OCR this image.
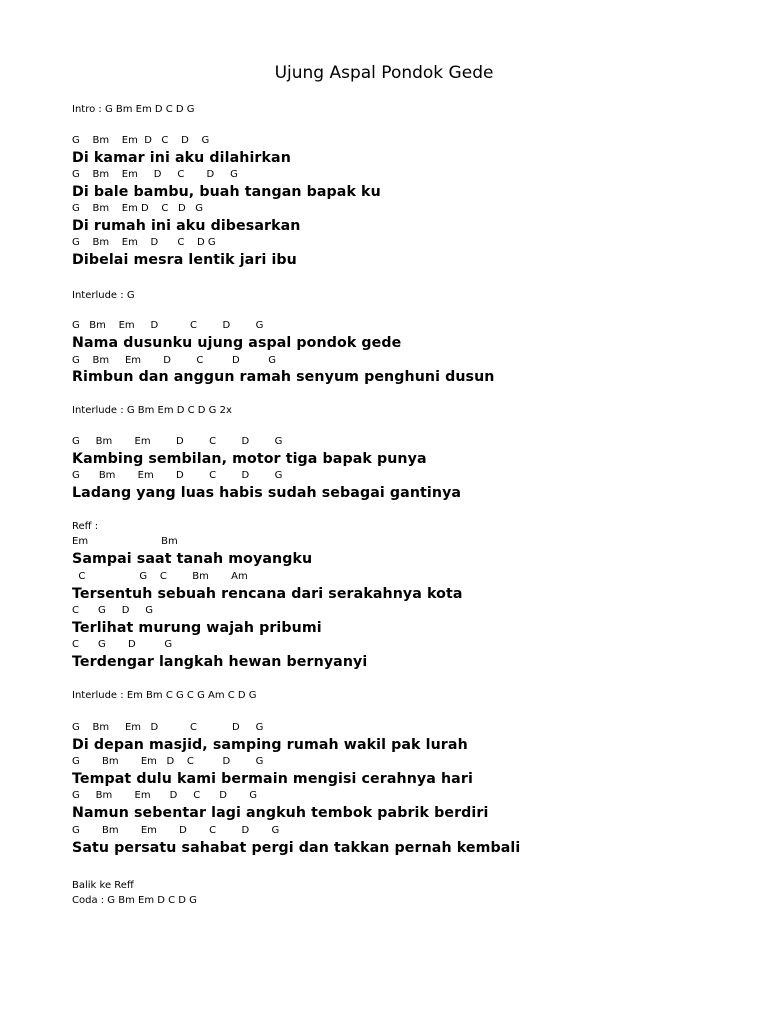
Ujung Aspal Pondok Gede
Intro : G Bm Em D C D G
G    Bm    Em  D   C    D    G
Di kamar ini aku dilahirkan
G    Bm    Em     D     C       D     G
Di bale bambu, buah tangan bapak ku
G    Bm    Em D    C   D   G
Di rumah ini aku dibesarkan
G    Bm    Em    D      C    D G
Dibelai mesra lentik jari ibu
Interlude : G
G   Bm    Em     D          C        D        G
Nama dusunku ujung aspal pondok gede
G    Bm     Em       D        C         D         G
Rimbun dan anggun ramah senyum penghuni dusun
Interlude : G Bm Em D C D G 2x
G     Bm       Em        D        C        D        G
Kambing sembilan, motor tiga bapak punya
G      Bm       Em       D        C        D        G
Ladang yang luas habis sudah sebagai gantinya
Reff :
Em                       Bm
Sampai saat tanah moyangku
C                 G    C        Bm       Am
Tersentuh sebuah rencana dari serakahnya kota
C      G     D     G
Terlihat murung wajah pribumi
C      G       D         G
Terdengar langkah hewan bernyanyi
Interlude : Em Bm C G C G Am C D G
G    Bm     Em   D          C           D     G
Di depan masjid, samping rumah wakil pak lurah
G       Bm       Em   D    C         D        G
Tempat dulu kami bermain mengisi cerahnya hari
G     Bm       Em      D     C      D       G
Namun sebentar lagi angkuh tembok pabrik berdiri
G       Bm       Em       D       C        D       G
Satu persatu sahabat pergi dan takkan pernah kembali
Balik ke Reff
Coda : G Bm Em D C D G
